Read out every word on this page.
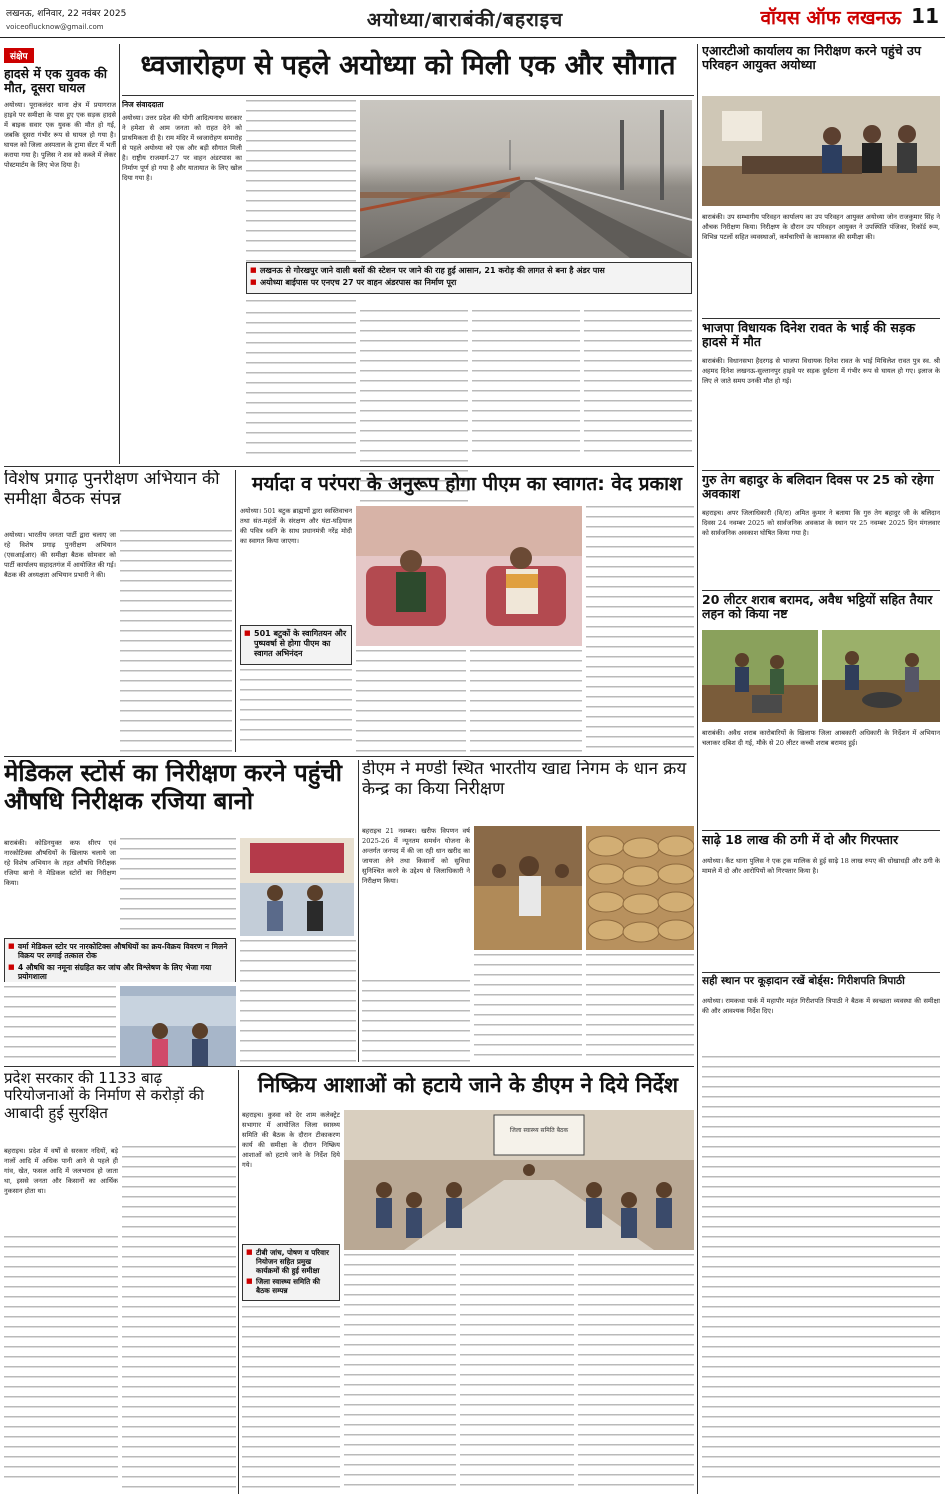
लखनऊ, शनिवार, 22 नवंबर 2025
voiceoflucknow@gmail.com	अयोध्या/बाराबंकी/बहराइच	वॉयस ऑफ लखनऊ 11
संक्षेप
हादसे में एक युवक की मौत, दूसरा घायल
अयोध्या। पूराकलंदर थाना क्षेत्र में प्रयागराज हाइवे पर समीक्षा के पास हुए एक सड़क हादसे में बाइक सवार एक युवक की मौत हो गई, जबकि दूसरा गंभीर रूप से घायल हो गया है। घायल को जिला अस्पताल के ट्रामा सेंटर में भर्ती कराया गया है। पुलिस ने शव को कब्जे में लेकर पोस्टमार्टम के लिए भेज दिया है।
ध्वजारोहण से पहले अयोध्या को मिली एक और सौगात
निज संवाददाता
अयोध्या। उत्तर प्रदेश की योगी आदित्यनाथ सरकार ने हमेशा से आम जनता को राहत देने को प्राथमिकता दी है। राम मंदिर में ध्वजारोहण समारोह से पहले अयोध्या को एक और बड़ी सौगात मिली है। राष्ट्रीय राजमार्ग-27 पर वाहन अंडरपास का निर्माण पूर्ण हो गया है और यातायात के लिए खोल दिया गया है।
■ लखनऊ से गोरखपुर जाने वाली बसों की स्टेशन पर जाने की राह हुई आसान, 21 करोड़ की लागत से बना है अंडर पास
■ अयोध्या बाईपास पर एनएच 27 पर वाहन अंडरपास का निर्माण पूरा
एआरटीओ कार्यालय का निरीक्षण करने पहुंचे उप परिवहन आयुक्त अयोध्या
बाराबंकी। उप सम्भागीय परिवहन कार्यालय का उप परिवहन आयुक्त अयोध्या जोन राजकुमार सिंह ने औचक निरीक्षण किया। निरीक्षण के दौरान उप परिवहन आयुक्त ने उपस्थिति पंजिका, रिकॉर्ड रूम, विभिन्न पटलों सहित व्यवस्थाओं, कर्मचारियों के कामकाज की समीक्षा की।
भाजपा विधायक दिनेश रावत के भाई की सड़क हादसे में मौत
बाराबंकी। विधानसभा हैदरगढ़ से भाजपा विधायक दिनेश रावत के भाई मिथिलेश रावत पुत्र स्व. श्री अहमद दिनेश लखनऊ-सुल्तानपुर हाइवे पर सड़क दुर्घटना में गंभीर रूप से घायल हो गए। इलाज के लिए ले जाते समय उनकी मौत हो गई।
गुरु तेग बहादुर के बलिदान दिवस पर 25 को रहेगा अवकाश
बहराइच। अपर जिलाधिकारी (वि/रा) अमित कुमार ने बताया कि गुरु तेग बहादुर जी के बलिदान दिवस 24 नवम्बर 2025 को सार्वजनिक अवकाश के स्थान पर 25 नवम्बर 2025 दिन मंगलवार को सार्वजनिक अवकाश घोषित किया गया है।
20 लीटर शराब बरामद, अवैध भट्ठियों सहित तैयार लहन को किया नष्ट
बाराबंकी। अवैध शराब कारोबारियों के खिलाफ जिला आबकारी अधिकारी के निर्देशन में अभियान चलाकर दबिश दी गई, मौके से 20 लीटर कच्ची शराब बरामद हुई।
साढ़े 18 लाख की ठगी में दो और गिरफ्तार
अयोध्या। कैंट थाना पुलिस ने एक ट्रक मालिक से हुई साढ़े 18 लाख रुपए की धोखाधड़ी और ठगी के मामले में दो और आरोपियों को गिरफ्तार किया है।
सही स्थान पर कूड़ादान रखें बोर्ड्स: गिरीशपति त्रिपाठी
अयोध्या। रामकथा पार्क में महापौर महंत गिरीशपति त्रिपाठी ने बैठक में स्वच्छता व्यवस्था की समीक्षा की और आवश्यक निर्देश दिए।
विशेष प्रगाढ़ पुनरीक्षण अभियान की समीक्षा बैठक संपन्न
अयोध्या। भारतीय जनता पार्टी द्वारा चलाए जा रहे विशेष प्रगाढ़ पुनरीक्षण अभियान (एसआईआर) की समीक्षा बैठक सोमवार को पार्टी कार्यालय सहादतगंज में आयोजित की गई। बैठक की अध्यक्षता अभियान प्रभारी ने की।
मर्यादा व परंपरा के अनुरूप होगा पीएम का स्वागत: वेद प्रकाश
अयोध्या। 501 बटुक ब्राह्मणों द्वारा स्वस्तिवाचन तथा संत-महंतों के संरक्षण और घंटा-घड़ियाल की पवित्र ध्वनि के साथ प्रधानमंत्री नरेंद्र मोदी का स्वागत किया जाएगा।
■ 501 बटुकों के स्वागितयन और पुष्पवर्षा से होगा पीएम का स्वागत अभिनंदन
मेडिकल स्टोर्स का निरीक्षण करने पहुंची औषधि निरीक्षक रजिया बानो
बाराबंकी। कोडिनयुक्त कफ सीरप एवं नारकोटिक्स औषधियों के खिलाफ चलाये जा रहे विशेष अभियान के तहत औषधि निरीक्षक रजिया बानो ने मेडिकल स्टोरों का निरीक्षण किया।
■ वर्मा मेडिकल स्टोर पर नारकोटिक्स औषधियों का क्रय-विक्रय विवरण न मिलने विक्रय पर लगाई तत्काल रोक
■ 4 औषधि का नमूना संग्रहित कर जांच और विश्लेषण के लिए भेजा गया प्रयोगशाला
डीएम ने मण्डी स्थित भारतीय खाद्य निगम के धान क्रय केन्द्र का किया निरीक्षण
बहराइच 21 नवम्बर। खरीफ विपणन वर्ष 2025-26 में न्यूनतम समर्थन योजना के अन्तर्गत जनपद में की जा रही धान खरीद का जायजा लेने तथा किसानों को सुविधा सुनिश्चित करने के उद्देश्य से जिलाधिकारी ने निरीक्षण किया।
प्रदेश सरकार की 1133 बाढ़ परियोजनाओं के निर्माण से करोड़ों की आबादी हुई सुरक्षित
बहराइच। प्रदेश में वर्षों से सरकार नदियों, बड़े नालों आदि में अधिक पानी आने से पहले ही गांव, खेत, फसल आदि में जलभराव हो जाता था, इससे जनता और किसानों का आर्थिक नुकसान होता था।
निष्क्रिय आशाओं को हटाये जाने के डीएम ने दिये निर्देश
बहराइच। कुस्वा को देर शाम कलेक्ट्रेट सभागार में आयोजित जिला स्वास्थ्य समिति की बैठक के दौरान टीकाकरण कार्य की समीक्षा के दौरान निष्क्रिय आशाओं को हटाये जाने के निर्देश दिये गये।
जिला स्वास्थ्य समिति बैठक
■ टीबी जांच, पोषण व परिवार नियोजन सहित प्रमुख कार्यक्रमों की हुई समीक्षा
■ जिला स्वास्थ्य समिति की बैठक सम्पन्न
